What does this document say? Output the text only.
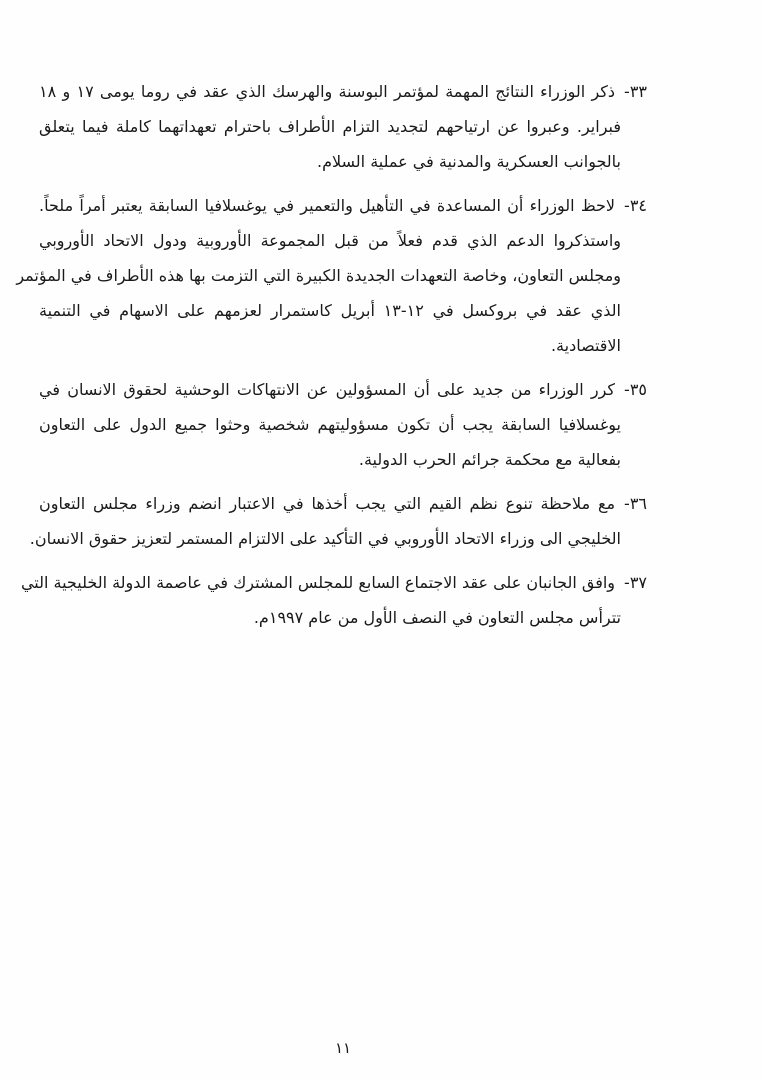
٣٣-ذكر الوزراء النتائج المهمة لمؤتمر البوسنة والهرسك الذي عقد في روما يومى ١٧ و ١٨
فبراير. وعبروا عن ارتياحهم لتجديد التزام الأطراف باحترام تعهداتهما كاملة فيما يتعلق
بالجوانب العسكرية والمدنية في عملية السلام.
٣٤-لاحظ الوزراء أن المساعدة في التأهيل والتعمير في يوغسلافيا السابقة يعتبر أمراً ملحاً.
واستذكروا الدعم الذي قدم فعلاً من قبل المجموعة الأوروبية ودول الاتحاد الأوروبي
ومجلس التعاون، وخاصة التعهدات الجديدة الكبيرة التي التزمت بها هذه الأطراف في المؤتمر
الذي عقد في بروكسل في ١٢-١٣ أبريل كاستمرار لعزمهم على الاسهام في التنمية
الاقتصادية.
٣٥-كرر الوزراء من جديد على أن المسؤولين عن الانتهاكات الوحشية لحقوق الانسان في
يوغسلافيا السابقة يجب أن تكون مسؤوليتهم شخصية وحثوا جميع الدول على التعاون
بفعالية مع محكمة جرائم الحرب الدولية.
٣٦-مع ملاحظة تنوع نظم القيم التي يجب أخذها في الاعتبار انضم وزراء مجلس التعاون
الخليجي الى وزراء الاتحاد الأوروبي في التأكيد على الالتزام المستمر لتعزيز حقوق الانسان.
٣٧-وافق الجانبان على عقد الاجتماع السابع للمجلس المشترك في عاصمة الدولة الخليجية التي
تترأس مجلس التعاون في النصف الأول من عام ١٩٩٧م.
١١
